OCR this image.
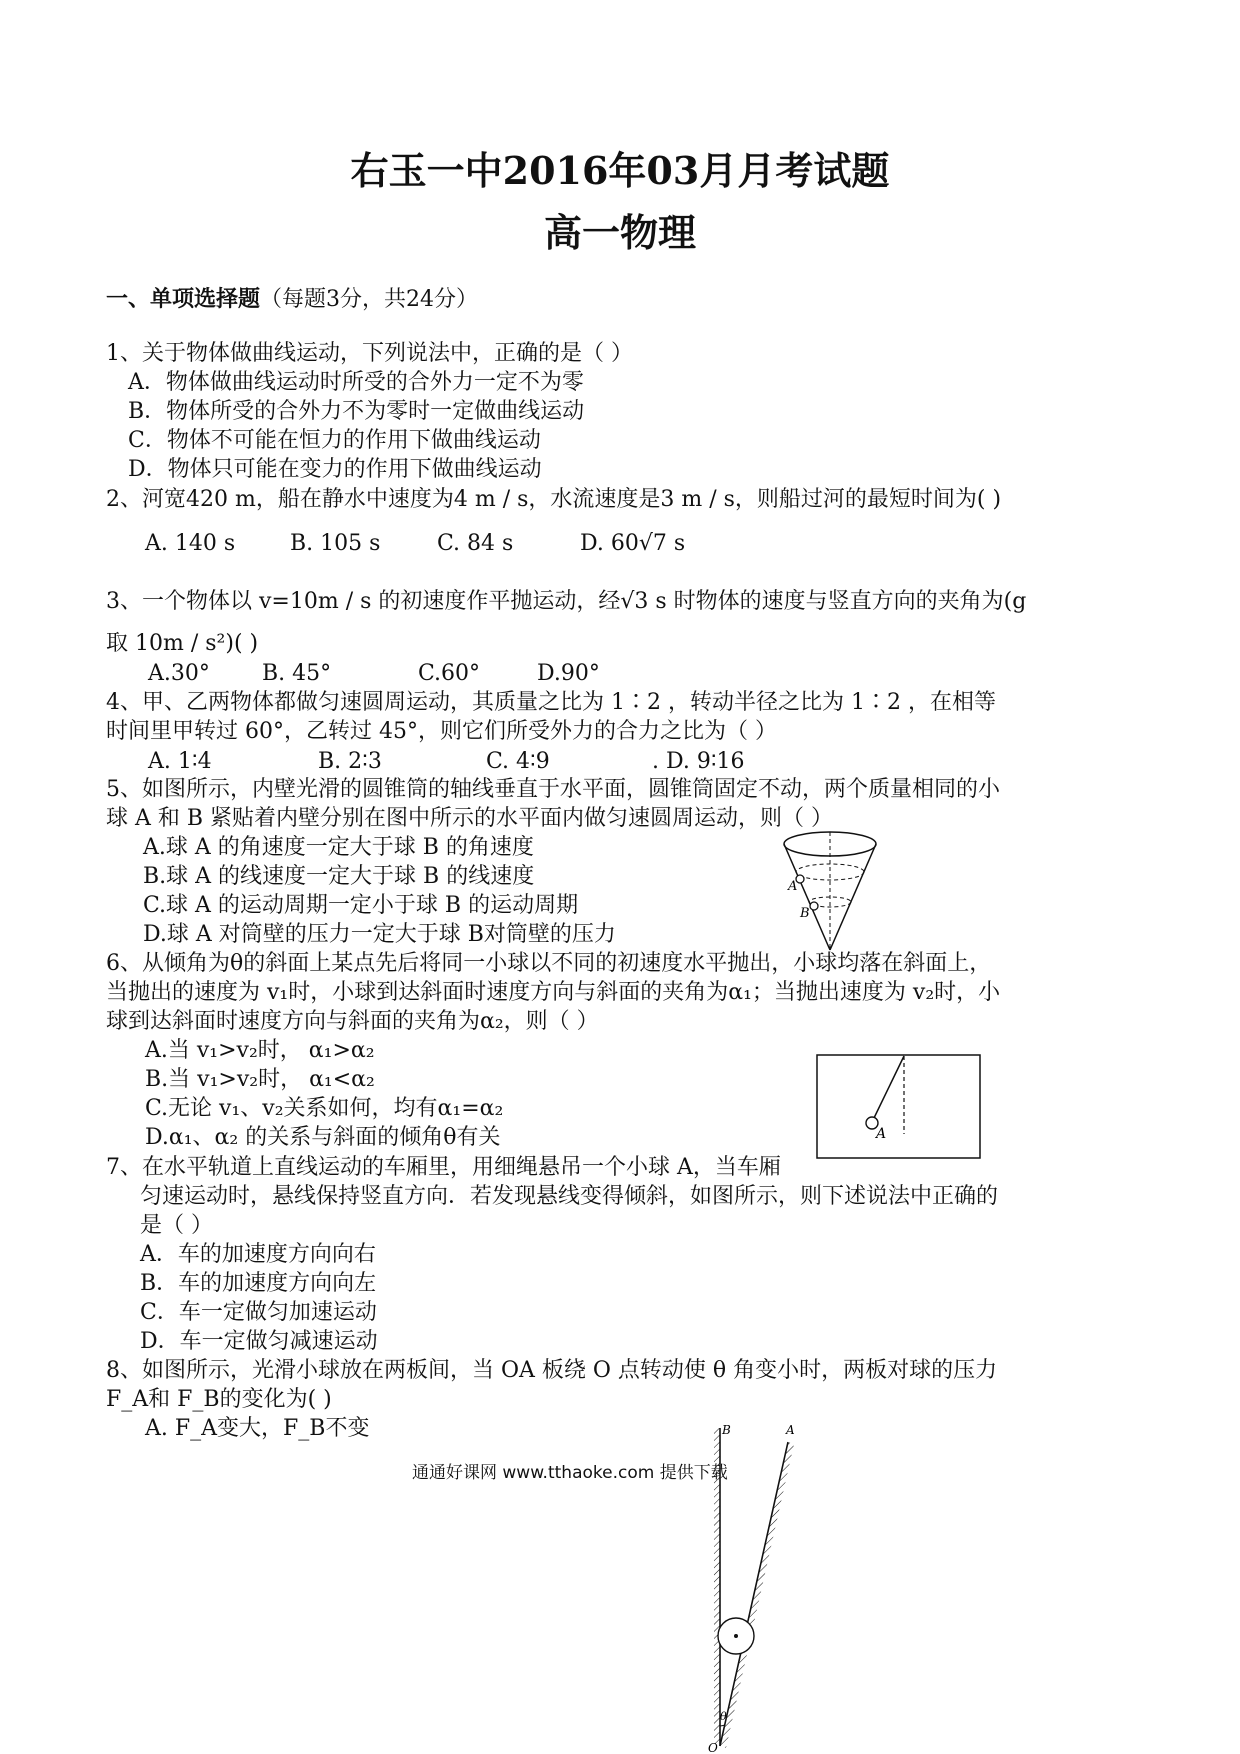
右玉一中2016年03月月考试题
高一物理
一、单项选择题（每题3分，共24分）
1、关于物体做曲线运动，下列说法中，正确的是（ ）
A．物体做曲线运动时所受的合外力一定不为零
B．物体所受的合外力不为零时一定做曲线运动
C．物体不可能在恒力的作用下做曲线运动
D．物体只可能在变力的作用下做曲线运动
2、河宽420 m，船在静水中速度为4 m / s，水流速度是3 m / s，则船过河的最短时间为( )
A. 140 s B. 105 s	C. 84 s	D. 60√7 s
3、一个物体以 v=10m / s 的初速度作平抛运动，经√3 s 时物体的速度与竖直方向的夹角为(g
取 10m / s²)( )
A.30° B. 45°	C.60°	D.90°
4、甲、乙两物体都做匀速圆周运动，其质量之比为 1∶2 ，转动半径之比为 1∶2 ，在相等
时间里甲转过 60°，乙转过 45°，则它们所受外力的合力之比为（ ）
A. 1∶4	B. 2∶3	C. 4∶9	. D. 9∶16
5、如图所示，内壁光滑的圆锥筒的轴线垂直于水平面，圆锥筒固定不动，两个质量相同的小
球 A 和 B 紧贴着内壁分别在图中所示的水平面内做匀速圆周运动，则（ ）
A.球 A 的角速度一定大于球 B 的角速度
B.球 A 的线速度一定大于球 B 的线速度
C.球 A 的运动周期一定小于球 B 的运动周期
D.球 A 对筒壁的压力一定大于球 B对筒壁的压力
A
B
6、从倾角为θ的斜面上某点先后将同一小球以不同的初速度水平抛出，小球均落在斜面上，
当抛出的速度为 v₁时，小球到达斜面时速度方向与斜面的夹角为α₁；当抛出速度为 v₂时，小
球到达斜面时速度方向与斜面的夹角为α₂，则（ ）
A.当 v₁>v₂时， α₁>α₂
B.当 v₁>v₂时， α₁<α₂
C.无论 v₁、v₂关系如何，均有α₁=α₂
D.α₁、α₂ 的关系与斜面的倾角θ有关	A
7、在水平轨道上直线运动的车厢里，用细绳悬吊一个小球 A，当车厢
匀速运动时，悬线保持竖直方向．若发现悬线变得倾斜，如图所示，则下述说法中正确的
是（ ）
A．车的加速度方向向右
B．车的加速度方向向左
C．车一定做匀加速运动
D．车一定做匀减速运动
8、如图所示，光滑小球放在两板间，当 OA 板绕 O 点转动使 θ 角变小时，两板对球的压力
F_A和 F_B的变化为( )
A. F_A变大，F_B不变	B	A
θ
O
通通好课网 www.tthaoke.com 提供下载
